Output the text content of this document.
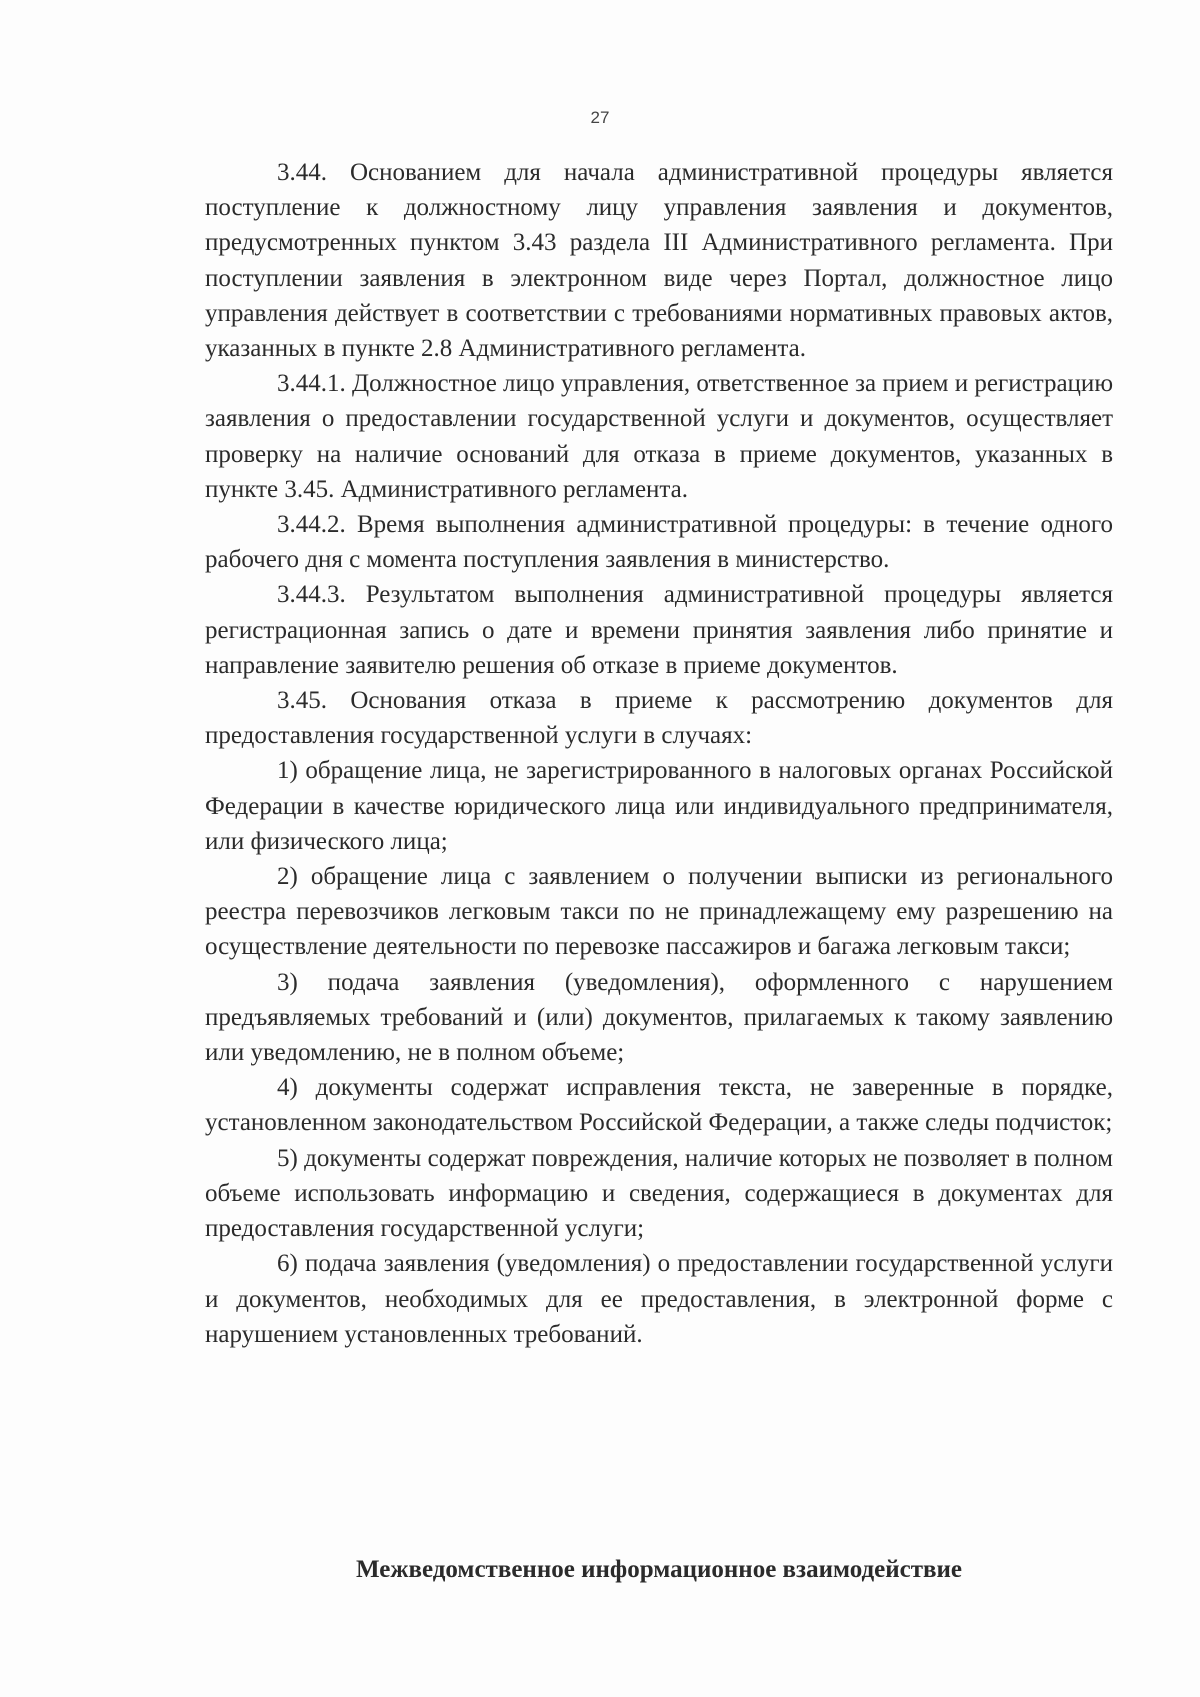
27

3.44. Основанием для начала административной процедуры является поступление к должностному лицу управления заявления и документов, предусмотренных пунктом 3.43 раздела III Административного регламента. При поступлении заявления в электронном виде через Портал, должностное лицо управления действует в соответствии с требованиями нормативных правовых актов, указанных в пункте 2.8 Административного регламента.

3.44.1. Должностное лицо управления, ответственное за прием и регистрацию заявления о предоставлении государственной услуги и документов, осуществляет проверку на наличие оснований для отказа в приеме документов, указанных в пункте 3.45. Административного регламента.

3.44.2. Время выполнения административной процедуры: в течение одного рабочего дня с момента поступления заявления в министерство.

3.44.3. Результатом выполнения административной процедуры является регистрационная запись о дате и времени принятия заявления либо принятие и направление заявителю решения об отказе в приеме документов.

3.45. Основания отказа в приеме к рассмотрению документов для предоставления государственной услуги в случаях:

1) обращение лица, не зарегистрированного в налоговых органах Российской Федерации в качестве юридического лица или индивидуального предпринимателя, или физического лица;

2) обращение лица с заявлением о получении выписки из регионального реестра перевозчиков легковым такси по не принадлежащему ему разрешению на осуществление деятельности по перевозке пассажиров и багажа легковым такси;

3) подача заявления (уведомления), оформленного с нарушением предъявляемых требований и (или) документов, прилагаемых к такому заявлению или уведомлению, не в полном объеме;

4) документы содержат исправления текста, не заверенные в порядке, установленном законодательством Российской Федерации, а также следы подчисток;

5) документы содержат повреждения, наличие которых не позволяет в полном объеме использовать информацию и сведения, содержащиеся в документах для предоставления государственной услуги;

6) подача заявления (уведомления) о предоставлении государственной услуги и документов, необходимых для ее предоставления, в электронной форме с нарушением установленных требований.

Межведомственное информационное взаимодействие
